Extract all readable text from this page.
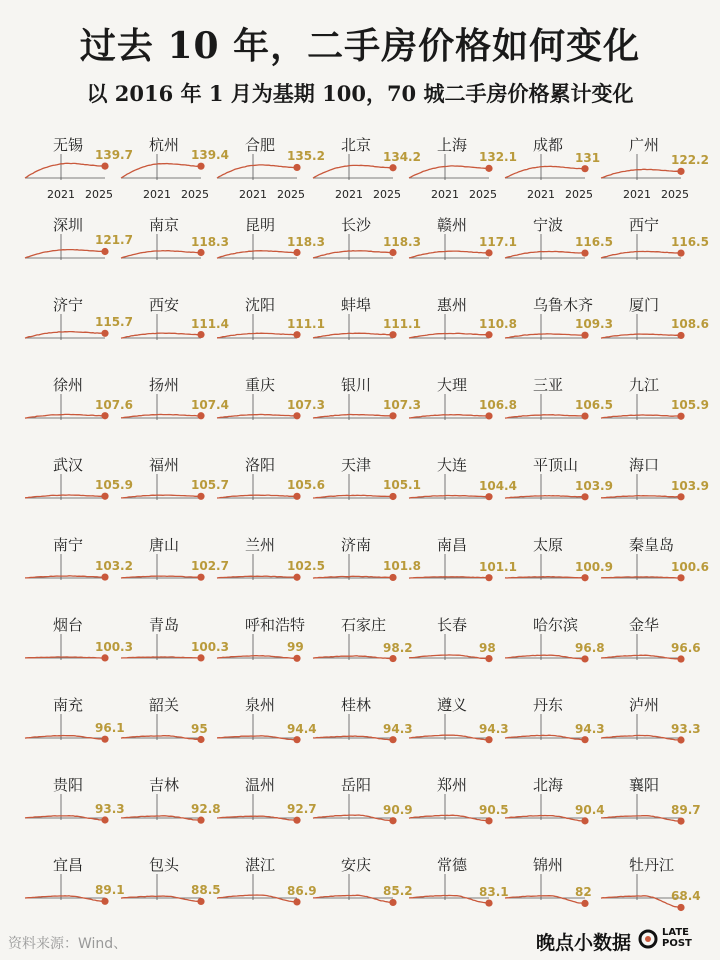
过去 10 年，二手房价格如何变化
以 2016 年 1 月为基期 100，70 城二手房价格累计变化
无锡
139.7
2021 2025
杭州
139.4
2021 2025
合肥
135.2
2021 2025
北京
134.2
2021 2025
上海
132.1
2021 2025
成都
131
2021 2025
广州
122.2
2021 2025
深圳
121.7
南京
118.3
昆明
118.3
长沙
118.3
赣州
117.1
宁波
116.5
西宁
116.5
济宁
115.7
西安
111.4
沈阳
111.1
蚌埠
111.1
惠州
110.8
乌鲁木齐
109.3
厦门
108.6
徐州
107.6
扬州
107.4
重庆
107.3
银川
107.3
大理
106.8
三亚
106.5
九江
105.9
武汉
105.9
福州
105.7
洛阳
105.6
天津
105.1
大连
104.4
平顶山
103.9
海口
103.9
南宁
103.2
唐山
102.7
兰州
102.5
济南
101.8
南昌
101.1
太原
100.9
秦皇岛
100.6
烟台
100.3
青岛
100.3
呼和浩特
99
石家庄
98.2
长春
98
哈尔滨
96.8
金华
96.6
南充
96.1
韶关
95
泉州
94.4
桂林
94.3
遵义
94.3
丹东
94.3
泸州
93.3
贵阳
93.3
吉林
92.8
温州
92.7
岳阳
90.9
郑州
90.5
北海
90.4
襄阳
89.7
宜昌
89.1
包头
88.5
湛江
86.9
安庆
85.2
常德
83.1
锦州
82
牡丹江
68.4
资料来源：Wind、	晚点小数据	LATE
POST
